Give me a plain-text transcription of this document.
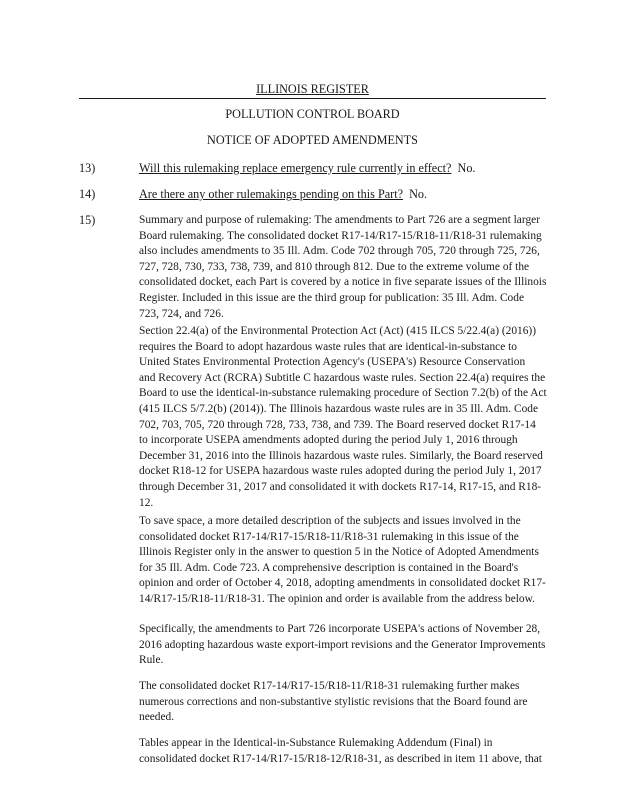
ILLINOIS REGISTER
POLLUTION CONTROL BOARD
NOTICE OF ADOPTED AMENDMENTS
13)	Will this rulemaking replace emergency rule currently in effect? No.
14)	Are there any other rulemakings pending on this Part? No.
15)	Summary and purpose of rulemaking: The amendments to Part 726 are a segment larger
Board rulemaking. The consolidated docket R17-14/R17-15/R18-11/R18-31 rulemaking
also includes amendments to 35 Ill. Adm. Code 702 through 705, 720 through 725, 726,
727, 728, 730, 733, 738, 739, and 810 through 812. Due to the extreme volume of the
consolidated docket, each Part is covered by a notice in five separate issues of the Illinois
Register. Included in this issue are the third group for publication: 35 Ill. Adm. Code
723, 724, and 726.
Section 22.4(a) of the Environmental Protection Act (Act) (415 ILCS 5/22.4(a) (2016))
requires the Board to adopt hazardous waste rules that are identical-in-substance to
United States Environmental Protection Agency's (USEPA's) Resource Conservation
and Recovery Act (RCRA) Subtitle C hazardous waste rules. Section 22.4(a) requires the
Board to use the identical-in-substance rulemaking procedure of Section 7.2(b) of the Act
(415 ILCS 5/7.2(b) (2014)). The Illinois hazardous waste rules are in 35 Ill. Adm. Code
702, 703, 705, 720 through 728, 733, 738, and 739. The Board reserved docket R17-14
to incorporate USEPA amendments adopted during the period July 1, 2016 through
December 31, 2016 into the Illinois hazardous waste rules. Similarly, the Board reserved
docket R18-12 for USEPA hazardous waste rules adopted during the period July 1, 2017
through December 31, 2017 and consolidated it with dockets R17-14, R17-15, and R18-
12.
To save space, a more detailed description of the subjects and issues involved in the
consolidated docket R17-14/R17-15/R18-11/R18-31 rulemaking in this issue of the
Illinois Register only in the answer to question 5 in the Notice of Adopted Amendments
for 35 Ill. Adm. Code 723. A comprehensive description is contained in the Board's
opinion and order of October 4, 2018, adopting amendments in consolidated docket R17-
14/R17-15/R18-11/R18-31. The opinion and order is available from the address below.
Specifically, the amendments to Part 726 incorporate USEPA's actions of November 28,
2016 adopting hazardous waste export-import revisions and the Generator Improvements
Rule.
The consolidated docket R17-14/R17-15/R18-11/R18-31 rulemaking further makes
numerous corrections and non-substantive stylistic revisions that the Board found are
needed.
Tables appear in the Identical-in-Substance Rulemaking Addendum (Final) in
consolidated docket R17-14/R17-15/R18-12/R18-31, as described in item 11 above, that
